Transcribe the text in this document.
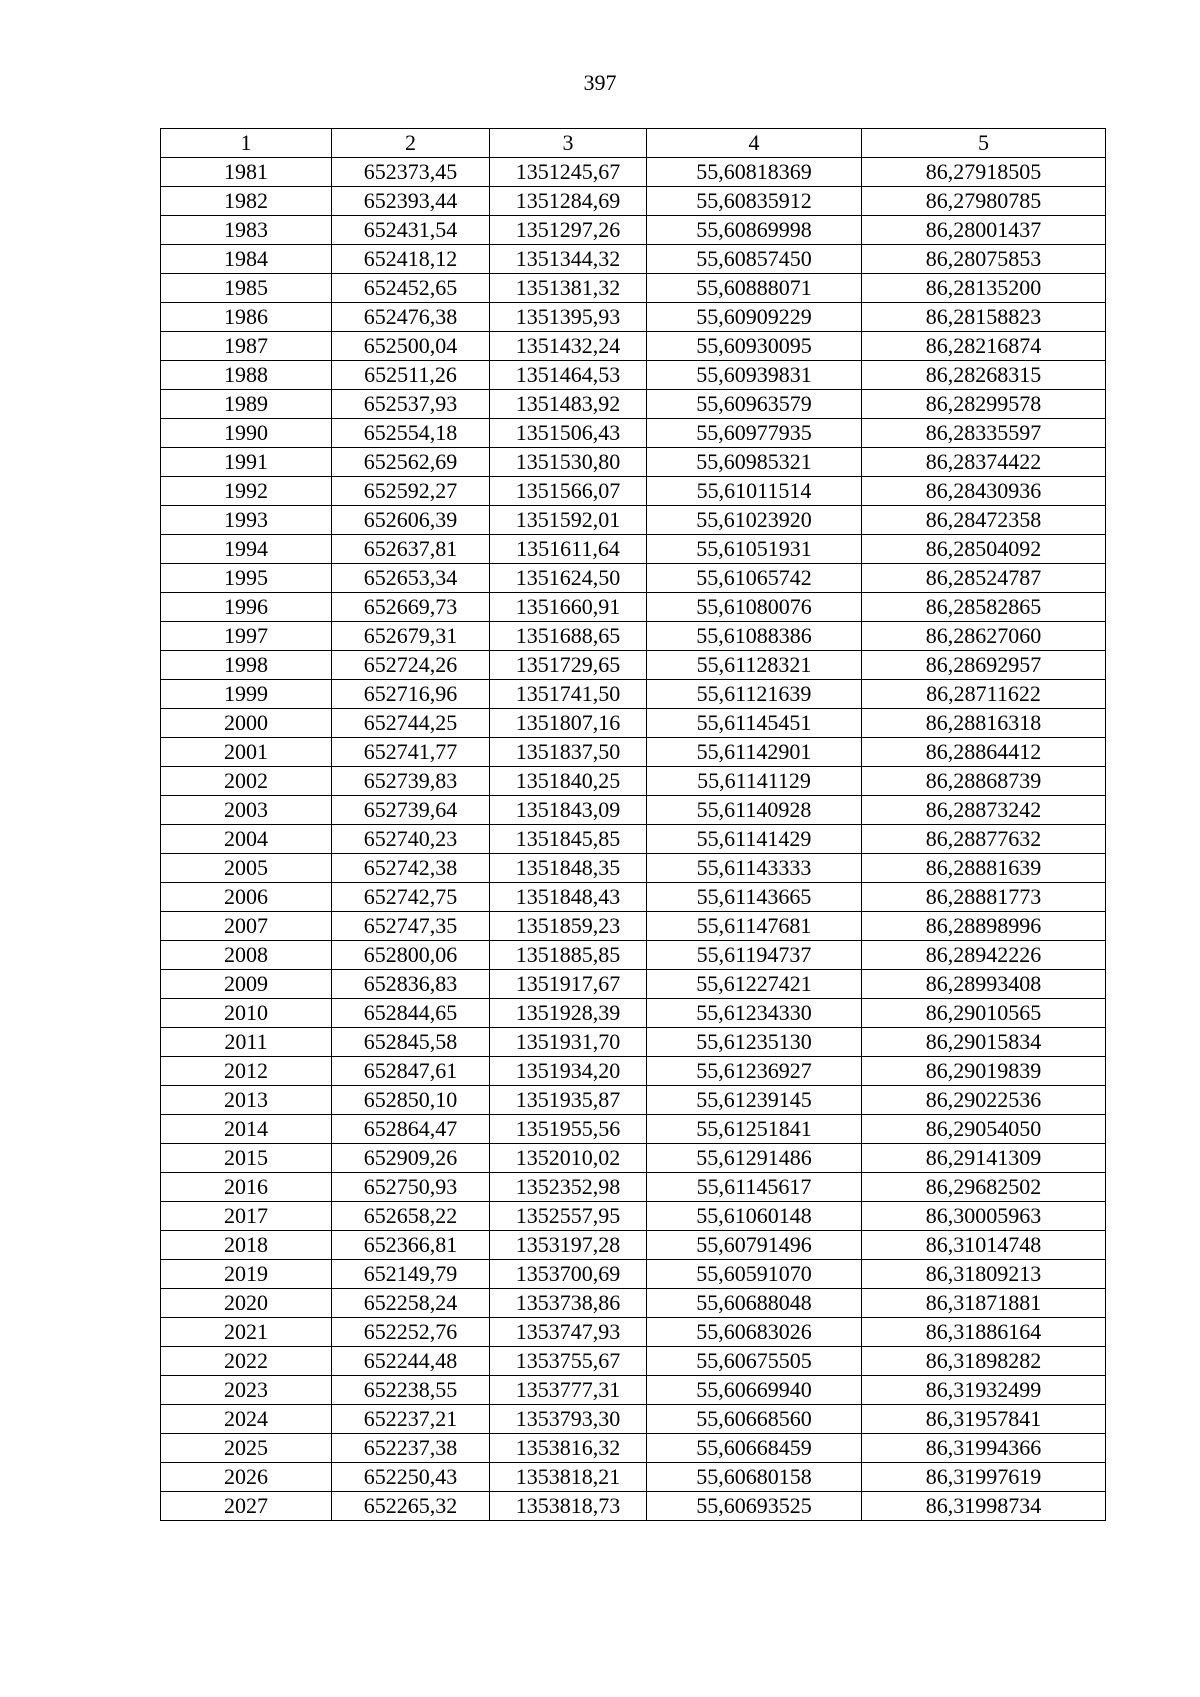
397
1	2	3	4	5
1981	652373,45	1351245,67	55,60818369	86,27918505
1982	652393,44	1351284,69	55,60835912	86,27980785
1983	652431,54	1351297,26	55,60869998	86,28001437
1984	652418,12	1351344,32	55,60857450	86,28075853
1985	652452,65	1351381,32	55,60888071	86,28135200
1986	652476,38	1351395,93	55,60909229	86,28158823
1987	652500,04	1351432,24	55,60930095	86,28216874
1988	652511,26	1351464,53	55,60939831	86,28268315
1989	652537,93	1351483,92	55,60963579	86,28299578
1990	652554,18	1351506,43	55,60977935	86,28335597
1991	652562,69	1351530,80	55,60985321	86,28374422
1992	652592,27	1351566,07	55,61011514	86,28430936
1993	652606,39	1351592,01	55,61023920	86,28472358
1994	652637,81	1351611,64	55,61051931	86,28504092
1995	652653,34	1351624,50	55,61065742	86,28524787
1996	652669,73	1351660,91	55,61080076	86,28582865
1997	652679,31	1351688,65	55,61088386	86,28627060
1998	652724,26	1351729,65	55,61128321	86,28692957
1999	652716,96	1351741,50	55,61121639	86,28711622
2000	652744,25	1351807,16	55,61145451	86,28816318
2001	652741,77	1351837,50	55,61142901	86,28864412
2002	652739,83	1351840,25	55,61141129	86,28868739
2003	652739,64	1351843,09	55,61140928	86,28873242
2004	652740,23	1351845,85	55,61141429	86,28877632
2005	652742,38	1351848,35	55,61143333	86,28881639
2006	652742,75	1351848,43	55,61143665	86,28881773
2007	652747,35	1351859,23	55,61147681	86,28898996
2008	652800,06	1351885,85	55,61194737	86,28942226
2009	652836,83	1351917,67	55,61227421	86,28993408
2010	652844,65	1351928,39	55,61234330	86,29010565
2011	652845,58	1351931,70	55,61235130	86,29015834
2012	652847,61	1351934,20	55,61236927	86,29019839
2013	652850,10	1351935,87	55,61239145	86,29022536
2014	652864,47	1351955,56	55,61251841	86,29054050
2015	652909,26	1352010,02	55,61291486	86,29141309
2016	652750,93	1352352,98	55,61145617	86,29682502
2017	652658,22	1352557,95	55,61060148	86,30005963
2018	652366,81	1353197,28	55,60791496	86,31014748
2019	652149,79	1353700,69	55,60591070	86,31809213
2020	652258,24	1353738,86	55,60688048	86,31871881
2021	652252,76	1353747,93	55,60683026	86,31886164
2022	652244,48	1353755,67	55,60675505	86,31898282
2023	652238,55	1353777,31	55,60669940	86,31932499
2024	652237,21	1353793,30	55,60668560	86,31957841
2025	652237,38	1353816,32	55,60668459	86,31994366
2026	652250,43	1353818,21	55,60680158	86,31997619
2027	652265,32	1353818,73	55,60693525	86,31998734
